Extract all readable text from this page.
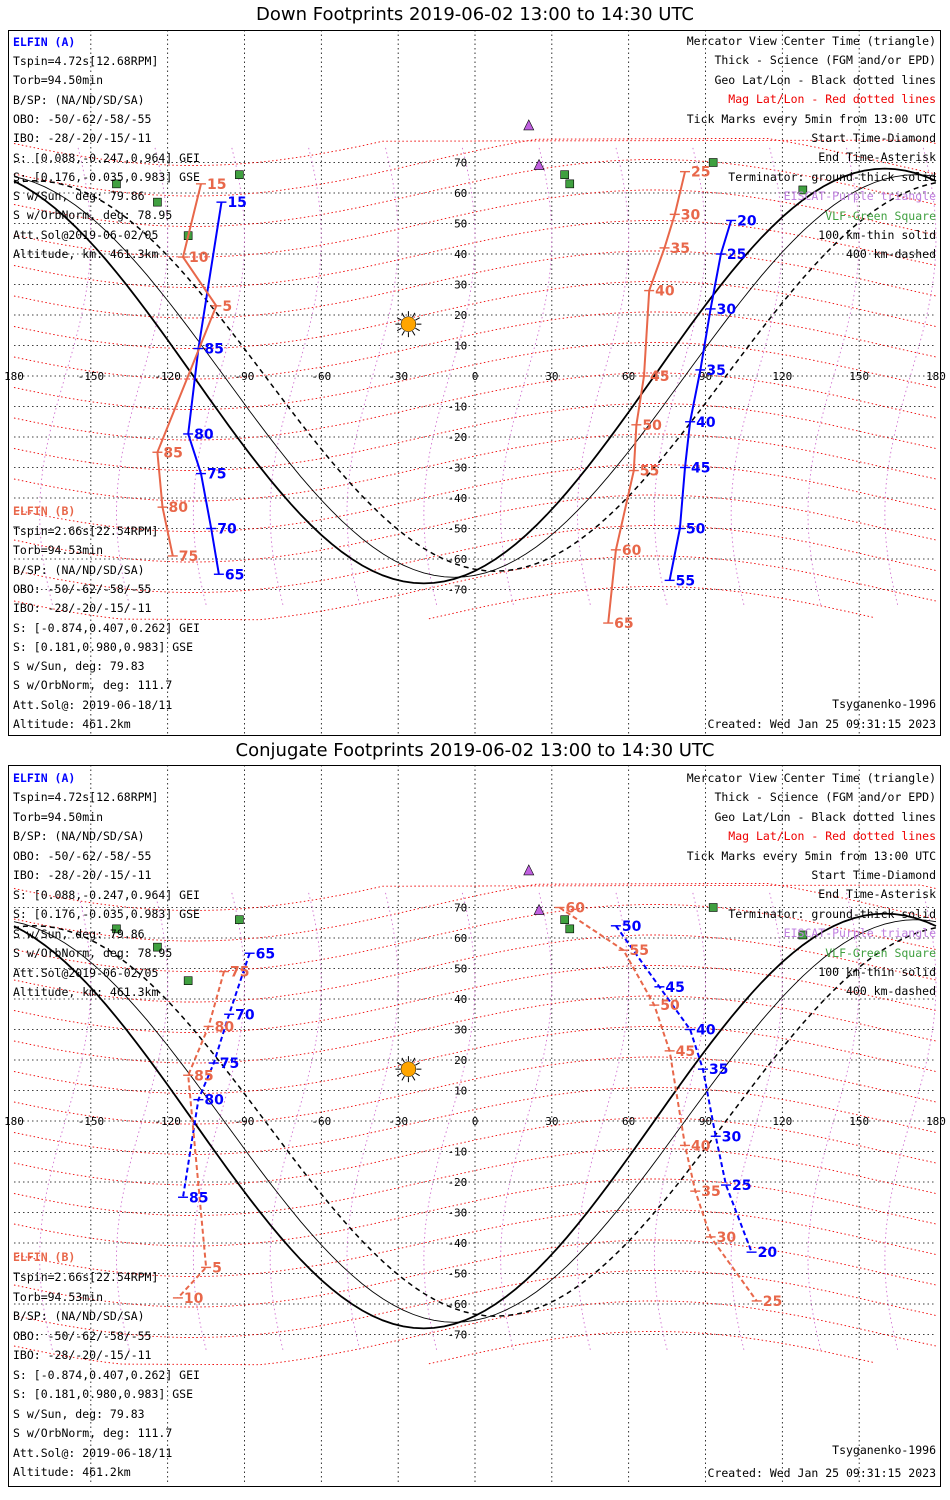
Down Footprints 2019-06-02 13:00 to 14:30 UTC
180	-150	-120	-90	-60	-30	0	30	60	90	120	150	180
70
60
50
40
30
20
10
-10
-20
-30
-40
-50
-60
-70
15
85
80
75
70
65
20
25
30
35
40
45
50
55
15
10
5
85
80
75
25
30
35
40
45
50
55
60
65
ELFIN (A)
Tspin=4.72s[12.68RPM]
Torb=94.50min
B/SP: (NA/ND/SD/SA)
OBO: -50/-62/-58/-55
IBO: -28/-20/-15/-11
S: [0.088,-0.247,0.964] GEI
S: [0.176,-0.035,0.983] GSE
S w/Sun, deg: 79.86
S w/OrbNorm, deg: 78.95
Att.Sol@2019-06-02/05
Altitude, km: 461.3km
ELFIN (B)
Tspin=2.66s[22.54RPM]
Torb=94.53min
B/SP: (NA/ND/SD/SA)
OBO: -50/-62/-58/-55
IBO: -28/-20/-15/-11
S: [-0.874,0.407,0.262] GEI
S: [0.181,0.980,0.983] GSE
S w/Sun, deg: 79.83
S w/OrbNorm, deg: 111.7
Att.Sol@: 2019-06-18/11
Altitude: 461.2km
Mercator View Center Time (triangle)
Thick - Science (FGM and/or EPD)
Geo Lat/Lon - Black dotted lines
Mag Lat/Lon - Red dotted lines
Tick Marks every 5min from 13:00 UTC
Start Time-Diamond
End Time-Asterisk
Terminator: ground-thick solid
EISCAT-Purple triangle
VLF-Green Square
100 km-thin solid
400 km-dashed
Tsyganenko-1996
Created: Wed Jan 25 09:31:15 2023
Conjugate Footprints 2019-06-02 13:00 to 14:30 UTC
180	-150	-120	-90	-60	-30	0	30	60	90	120	150	180
70
60
50
40
30
20
10
-10
-20
-30
-40
-50
-60
-70
65
70
75
80
85
50
45
40
35
30
25
20
60
55
50
45
40
35
30
25
75
80
85
5
10
ELFIN (A)
Tspin=4.72s[12.68RPM]
Torb=94.50min
B/SP: (NA/ND/SD/SA)
OBO: -50/-62/-58/-55
IBO: -28/-20/-15/-11
S: [0.088,-0.247,0.964] GEI
S: [0.176,-0.035,0.983] GSE
S w/Sun, deg: 79.86
S w/OrbNorm, deg: 78.95
Att.Sol@2019-06-02/05
Altitude, km: 461.3km
ELFIN (B)
Tspin=2.66s[22.54RPM]
Torb=94.53min
B/SP: (NA/ND/SD/SA)
OBO: -50/-62/-58/-55
IBO: -28/-20/-15/-11
S: [-0.874,0.407,0.262] GEI
S: [0.181,0.980,0.983] GSE
S w/Sun, deg: 79.83
S w/OrbNorm, deg: 111.7
Att.Sol@: 2019-06-18/11
Altitude: 461.2km
Mercator View Center Time (triangle)
Thick - Science (FGM and/or EPD)
Geo Lat/Lon - Black dotted lines
Mag Lat/Lon - Red dotted lines
Tick Marks every 5min from 13:00 UTC
Start Time-Diamond
End Time-Asterisk
Terminator: ground-thick solid
EISCAT-Purple triangle
VLF-Green Square
100 km-thin solid
400 km-dashed
Tsyganenko-1996
Created: Wed Jan 25 09:31:15 2023
